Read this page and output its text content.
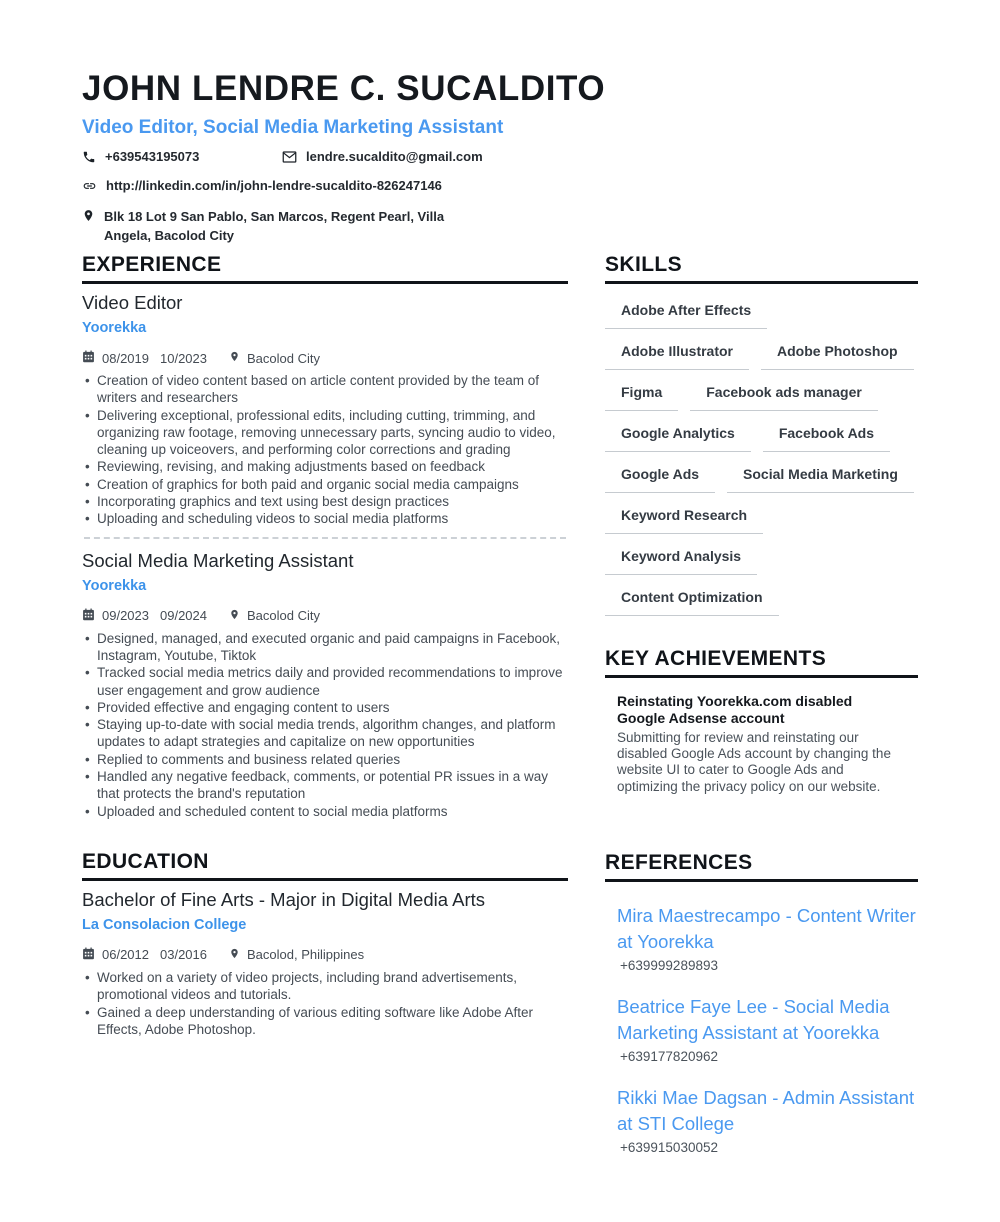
JOHN LENDRE C. SUCALDITO
Video Editor, Social Media Marketing Assistant
+639543195073	lendre.sucaldito@gmail.com
http://linkedin.com/in/john-lendre-sucaldito-826247146
Blk 18 Lot 9 San Pablo, San Marcos, Regent Pearl, Villa Angela, Bacolod City
EXPERIENCE
Video Editor
Yoorekka
08/2019 10/2023	Bacolod City
• Creation of video content based on article content provided by the team of writers and researchers
• Delivering exceptional, professional edits, including cutting, trimming, and organizing raw footage, removing unnecessary parts, syncing audio to video, cleaning up voiceovers, and performing color corrections and grading
• Reviewing, revising, and making adjustments based on feedback
• Creation of graphics for both paid and organic social media campaigns
• Incorporating graphics and text using best design practices
• Uploading and scheduling videos to social media platforms
Social Media Marketing Assistant
Yoorekka
09/2023 09/2024	Bacolod City
• Designed, managed, and executed organic and paid campaigns in Facebook, Instagram, Youtube, Tiktok
• Tracked social media metrics daily and provided recommendations to improve user engagement and grow audience
• Provided effective and engaging content to users
• Staying up-to-date with social media trends, algorithm changes, and platform updates to adapt strategies and capitalize on new opportunities
• Replied to comments and business related queries
• Handled any negative feedback, comments, or potential PR issues in a way that protects the brand's reputation
• Uploaded and scheduled content to social media platforms
EDUCATION
Bachelor of Fine Arts - Major in Digital Media Arts
La Consolacion College
06/2012 03/2016	Bacolod, Philippines
• Worked on a variety of video projects, including brand advertisements, promotional videos and tutorials.
• Gained a deep understanding of various editing software like Adobe After Effects, Adobe Photoshop.
SKILLS
Adobe After Effects
Adobe Illustrator	Adobe Photoshop
Figma	Facebook ads manager
Google Analytics	Facebook Ads
Google Ads	Social Media Marketing
Keyword Research
Keyword Analysis
Content Optimization
KEY ACHIEVEMENTS
Reinstating Yoorekka.com disabled Google Adsense account
Submitting for review and reinstating our disabled Google Ads account by changing the website UI to cater to Google Ads and optimizing the privacy policy on our website.
REFERENCES
Mira Maestrecampo - Content Writer at Yoorekka
+639999289893
Beatrice Faye Lee - Social Media Marketing Assistant at Yoorekka
+639177820962
Rikki Mae Dagsan - Admin Assistant at STI College
+639915030052
